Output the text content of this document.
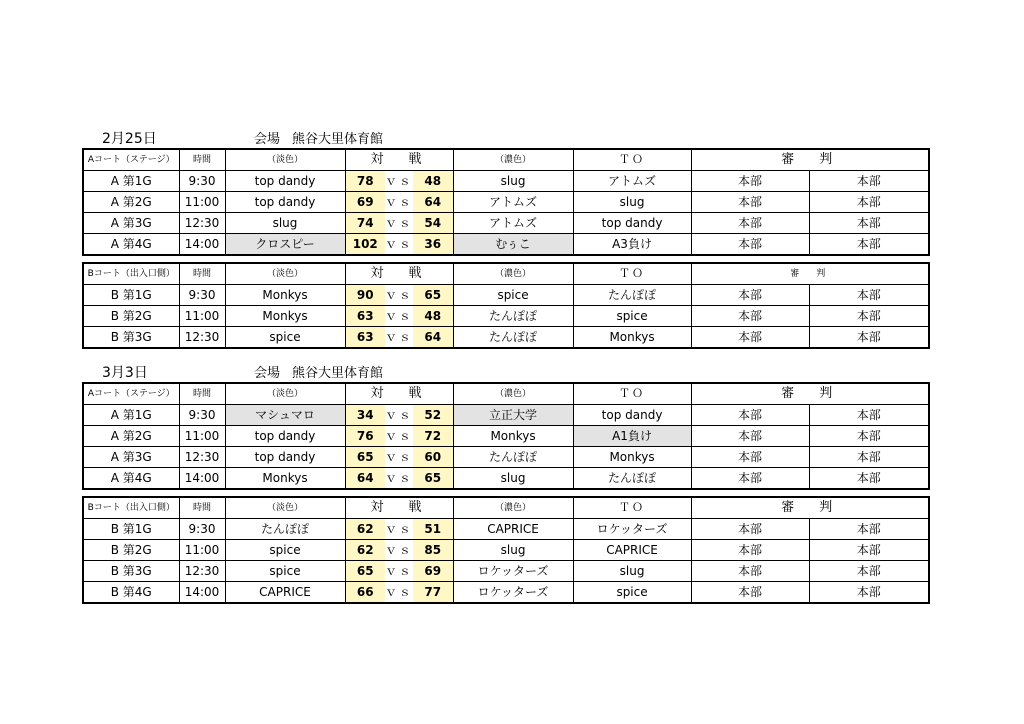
2月25日	会場 熊谷大里体育館
Aコート（ステージ）	時間	（淡色）	対　戦			（濃色）	ＴＯ	審　判	
A 第1G	9:30	top dandy	78	ｖｓ	48	slug	アトムズ	本部	本部
A 第2G	11:00	top dandy	69	ｖｓ	64	アトムズ	slug	本部	本部
A 第3G	12:30	slug	74	ｖｓ	54	アトムズ	top dandy	本部	本部
A 第4G	14:00	クロスピー	102	ｖｓ	36	むぅこ	A3負け	本部	本部
Bコート（出入口側）	時間	（淡色）	対　戦			（濃色）	ＴＯ	審　判	
B 第1G	9:30	Monkys	90	ｖｓ	65	spice	たんぽぽ	本部	本部
B 第2G	11:00	Monkys	63	ｖｓ	48	たんぽぽ	spice	本部	本部
B 第3G	12:30	spice	63	ｖｓ	64	たんぽぽ	Monkys	本部	本部
3月3日	会場 熊谷大里体育館
Aコート（ステージ）	時間	（淡色）	対　戦			（濃色）	ＴＯ	審　判	
A 第1G	9:30	マシュマロ	34	ｖｓ	52	立正大学	top dandy	本部	本部
A 第2G	11:00	top dandy	76	ｖｓ	72	Monkys	A1負け	本部	本部
A 第3G	12:30	top dandy	65	ｖｓ	60	たんぽぽ	Monkys	本部	本部
A 第4G	14:00	Monkys	64	ｖｓ	65	slug	たんぽぽ	本部	本部
Bコート（出入口側）	時間	（淡色）	対　戦			（濃色）	ＴＯ	審　判	
B 第1G	9:30	たんぽぽ	62	ｖｓ	51	CAPRICE	ロケッターズ	本部	本部
B 第2G	11:00	spice	62	ｖｓ	85	slug	CAPRICE	本部	本部
B 第3G	12:30	spice	65	ｖｓ	69	ロケッターズ	slug	本部	本部
B 第4G	14:00	CAPRICE	66	ｖｓ	77	ロケッターズ	spice	本部	本部
